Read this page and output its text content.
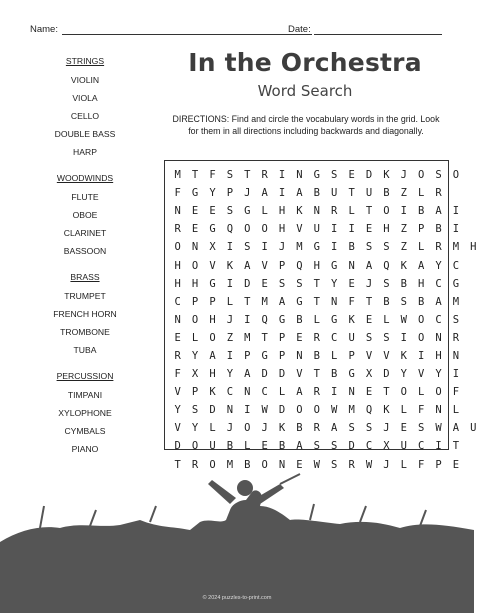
Name:	Date:
STRINGS
VIOLIN
VIOLA
CELLO
DOUBLE BASS
HARP
WOODWINDS
FLUTE
OBOE
CLARINET
BASSOON
BRASS
TRUMPET
FRENCH HORN
TROMBONE
TUBA
PERCUSSION
TIMPANI
XYLOPHONE
CYMBALS
PIANO
In the Orchestra
Word Search
DIRECTIONS: Find and circle the vocabulary words in the grid. Look for them in all directions including backwards and diagonally.
M	T	F	S	T	R	I	N	G	S	E	D	K	J	O	S	O
F	G	Y	P	J	A	I	A	B	U	T	U	B	Z	L	R
N	E	E	S	G	L	H	K	N	R	L	T	O	I	B	A	I
R	E	G	Q	O	O	H	V	U	I	I	E	H	Z	P	B	I
O	N	X	I	S	I	J	M	G	I	B	S	S	Z	L	R	M	H
H	O	V	K	A	V	P	Q	H	G	N	A	Q	K	A	Y	C
H	H	G	I	D	E	S	S	T	Y	E	J	S	B	H	C	G
C	P	P	L	T	M	A	G	T	N	F	T	B	S	B	A	M
N	O	H	J	I	Q	G	B	L	G	K	E	L	W	O	C	S
E	L	O	Z	M	T	P	E	R	C	U	S	S	I	O	N	R
R	Y	A	I	P	G	P	N	B	L	P	V	V	K	I	H	N
F	X	H	Y	A	D	D	V	T	B	G	X	D	Y	V	Y	I
V	P	K	C	N	C	L	A	R	I	N	E	T	O	L	O	F
Y	S	D	N	I	W	D	O	O	W	M	Q	K	L	F	N	L
V	Y	L	J	O	J	K	B	R	A	S	S	J	E	S	W	A	U
D	O	U	B	L	E	B	A	S	S	D	C	X	U	C	I	T
T	R	O	M	B	O	N	E	W	S	R	W	J	L	F	P	E
© 2024 puzzles-to-print.com
